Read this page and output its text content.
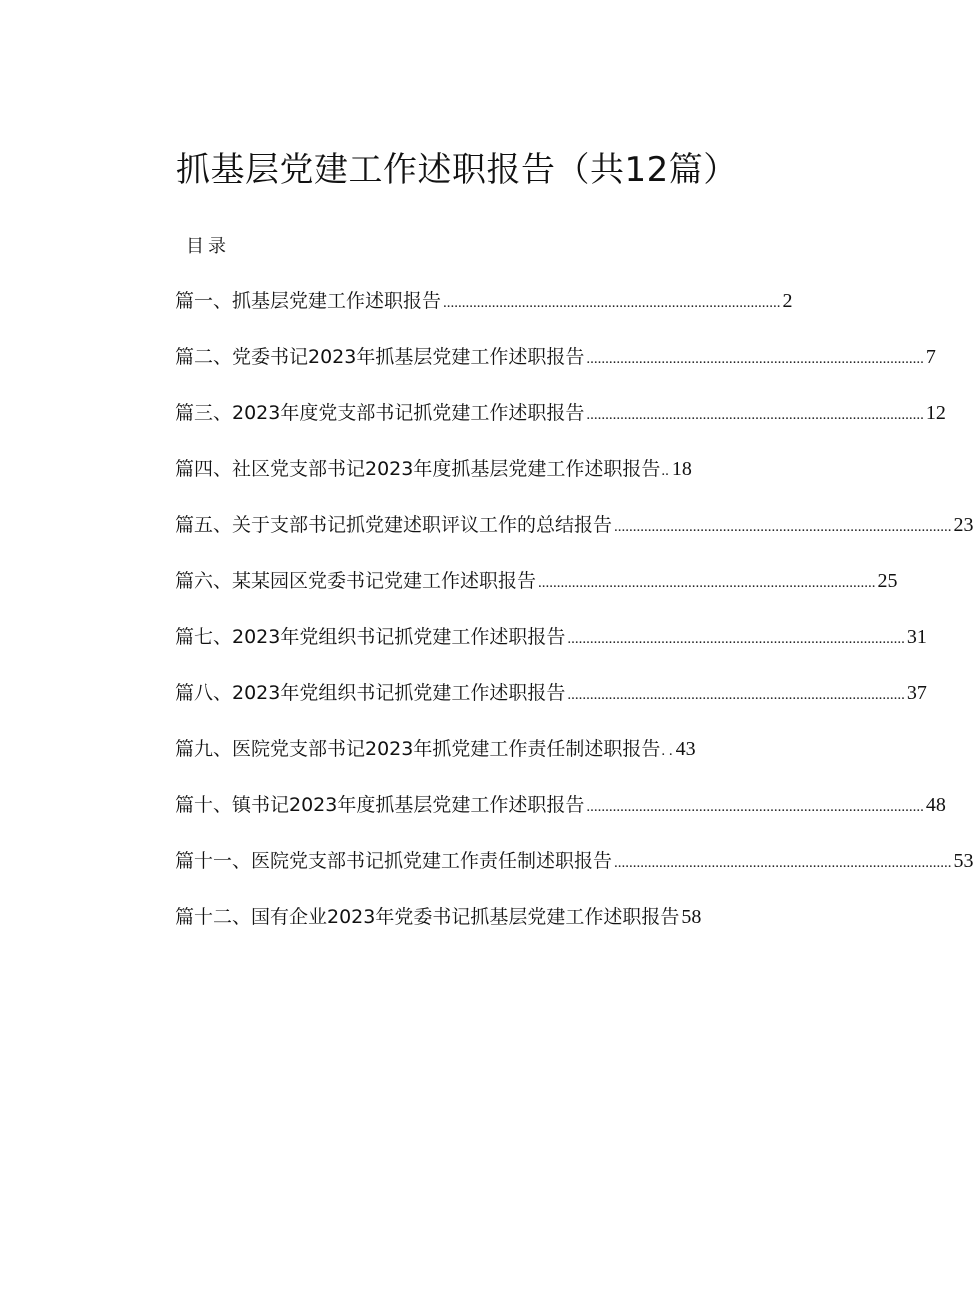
抓基层党建工作述职报告（共12篇）
目录
篇一、抓基层党建工作述职报告 .......................................................................................... 2
篇二、党委书记2023年抓基层党建工作述职报告 .......................................................................................... 7
篇三、2023年度党支部书记抓党建工作述职报告 .......................................................................................... 12
篇四、社区党支部书记2023年度抓基层党建工作述职报告 .. 18
篇五、关于支部书记抓党建述职评议工作的总结报告 .......................................................................................... 23
篇六、某某园区党委书记党建工作述职报告 .......................................................................................... 25
篇七、2023年党组织书记抓党建工作述职报告 .......................................................................................... 31
篇八、2023年党组织书记抓党建工作述职报告 .......................................................................................... 37
篇九、医院党支部书记2023年抓党建工作责任制述职报告 . . 43
篇十、镇书记2023年度抓基层党建工作述职报告 .......................................................................................... 48
篇十一、医院党支部书记抓党建工作责任制述职报告 .......................................................................................... 53
篇十二、国有企业2023年党委书记抓基层党建工作述职报告 58
